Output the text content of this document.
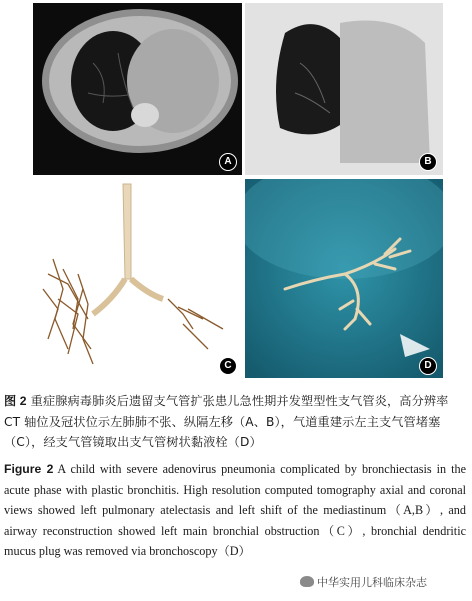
A	B
C	D
图 2 重症腺病毒肺炎后遗留支气管扩张患儿急性期并发塑型性支气管炎，高分辨率 CT 轴位及冠状位示左肺肺不张、纵隔左移（A、B），气道重建示左主支气管堵塞（C），经支气管镜取出支气管树状黏液栓（D）
Figure 2 A child with severe adenovirus pneumonia complicated by bronchiectasis in the acute phase with plastic bronchitis. High resolution computed tomography axial and coronal views showed left pulmonary atelectasis and left shift of the mediastinum（A,B）, and airway reconstruction showed left main bronchial obstruction（C）, bronchial dendritic mucus plug was removed via bronchoscopy（D）
中华实用儿科临床杂志
